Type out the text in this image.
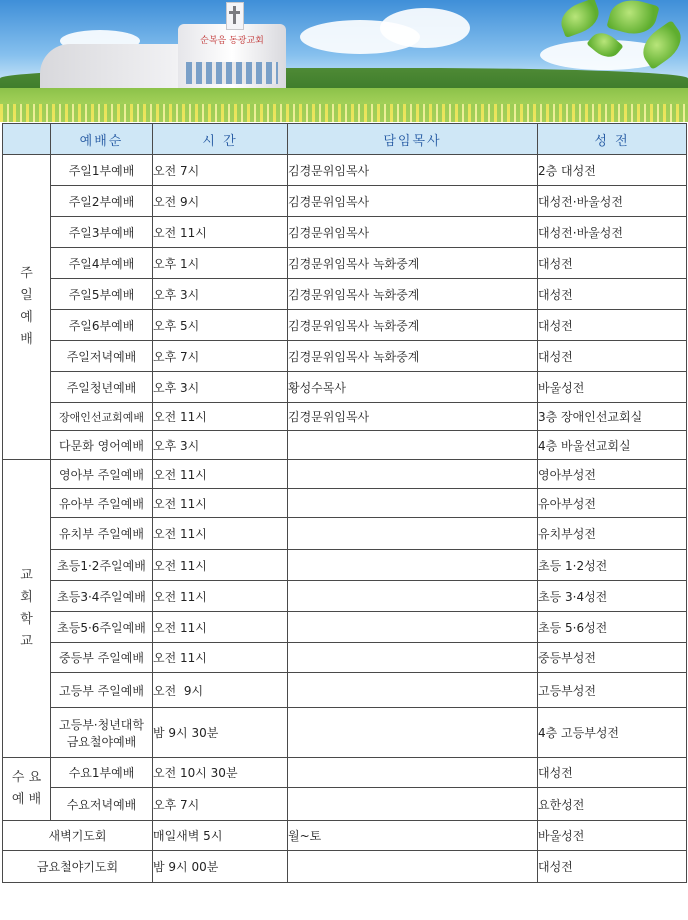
순복음 동광교회
	예배순	시 간	담임목사	성 전

주
일
예
배	주일1부예배	오전 7시	김경문위임목사	2층 대성전
	주일2부예배	오전 9시	김경문위임목사	대성전·바울성전
	주일3부예배	오전 11시	김경문위임목사	대성전·바울성전
	주일4부예배	오후 1시	김경문위임목사 녹화중계	대성전
	주일5부예배	오후 3시	김경문위임목사 녹화중계	대성전
	주일6부예배	오후 5시	김경문위임목사 녹화중계	대성전
	주일저녁예배	오후 7시	김경문위임목사 녹화중계	대성전
	주일청년예배	오후 3시	황성수목사	바울성전
	장애인선교회예배	오전 11시	김경문위임목사	3층 장애인선교회실
	다문화 영어예배	오후 3시		4층 바울선교회실

교
회
학
교	영아부 주일예배	오전 11시		영아부성전
	유아부 주일예배	오전 11시		유아부성전
	유치부 주일예배	오전 11시		유치부성전
	초등1·2주일예배	오전 11시		초등 1·2성전
	초등3·4주일예배	오전 11시		초등 3·4성전
	초등5·6주일예배	오전 11시		초등 5·6성전
	중등부 주일예배	오전 11시		중등부성전
	고등부 주일예배	오전  9시		고등부성전

	고등부·청년대학
금요철야예배	밤 9시 30분		4층 고등부성전

수 요
예 배	수요1부예배	오전 10시 30분		대성전
	수요저녁예배	오후 7시		요한성전
새벽기도회		매일새벽 5시	월~토	바울성전
금요철야기도회		밤 9시 00분		대성전
